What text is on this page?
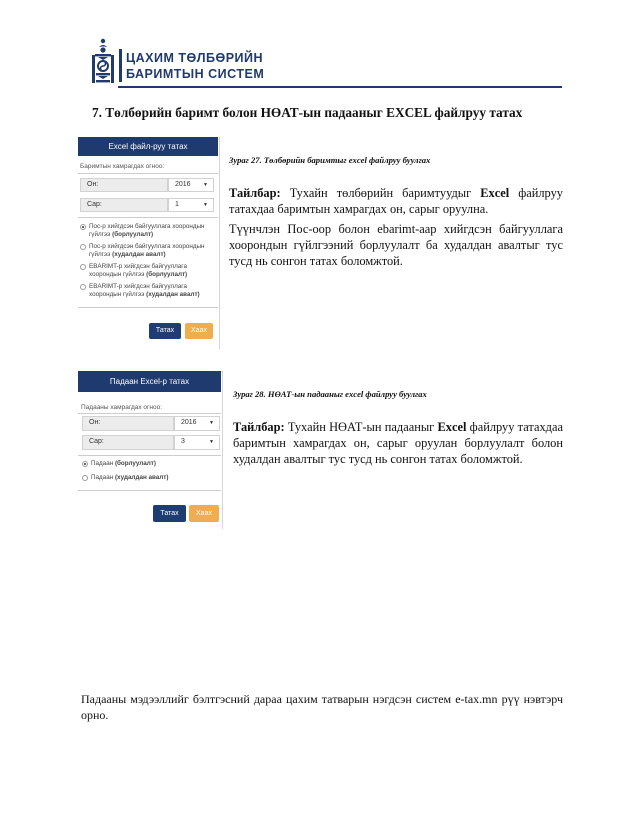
ЦАХИМ ТӨЛБӨРИЙН
БАРИМТЫН СИСТЕМ
7. Төлбөрийн баримт болон НӨАТ-ын падааныг EXCEL файлруу татах
Excel файл-руу татах
Баримтын хамрагдах огноо:
Он:	2016 ▼
Сар:	1	▼
Пос-р хийгдсэн байгууллага хоорондын
гүйлгээ (борлуулалт)
Пос-р хийгдсэн байгууллага хоорондын
гүйлгээ (худалдан авалт)
EBARIMT-р хийгдсэн байгууллага
хоорондын гүйлгээ (борлуулалт)
EBARIMT-р хийгдсэн байгууллага
хоорондын гүйлгээ (худалдан авалт)
Татах	Хаах
Зураг 27. Төлбөрийн баримтыг excel файлруу буулгах
Тайлбар: Тухайн төлбөрийн баримтуудыг Excel файлруу татахдаа баримтын хамрагдах он, сарыг оруулна.
Түүнчлэн Пос-оор болон ebarimt-аар хийгдсэн байгууллага хоорондын гүйлгээний борлуулалт ба худалдан авалтыг тус тусд нь сонгон татах боломжтой.
Падаан Excel-р татах
Падааны хамрагдах огноо:
Он:	2016 ▼
Сар:	3	▼
Падаан (борлуулалт)
Падаан (худалдан авалт)
Татах	Хаах
Зураг 28. НӨАТ-ын падааныг excel файлруу буулгах
Тайлбар: Тухайн НӨАТ-ын падааныг Excel файлруу татахдаа баримтын хамрагдах он, сарыг оруулан борлуулалт болон худалдан авалтыг тус тусд нь сонгон татах боломжтой.
Падааны мэдээллийг бэлтгэсний дараа цахим татварын нэгдсэн систем e-tax.mn рүү нэвтэрч орно.
